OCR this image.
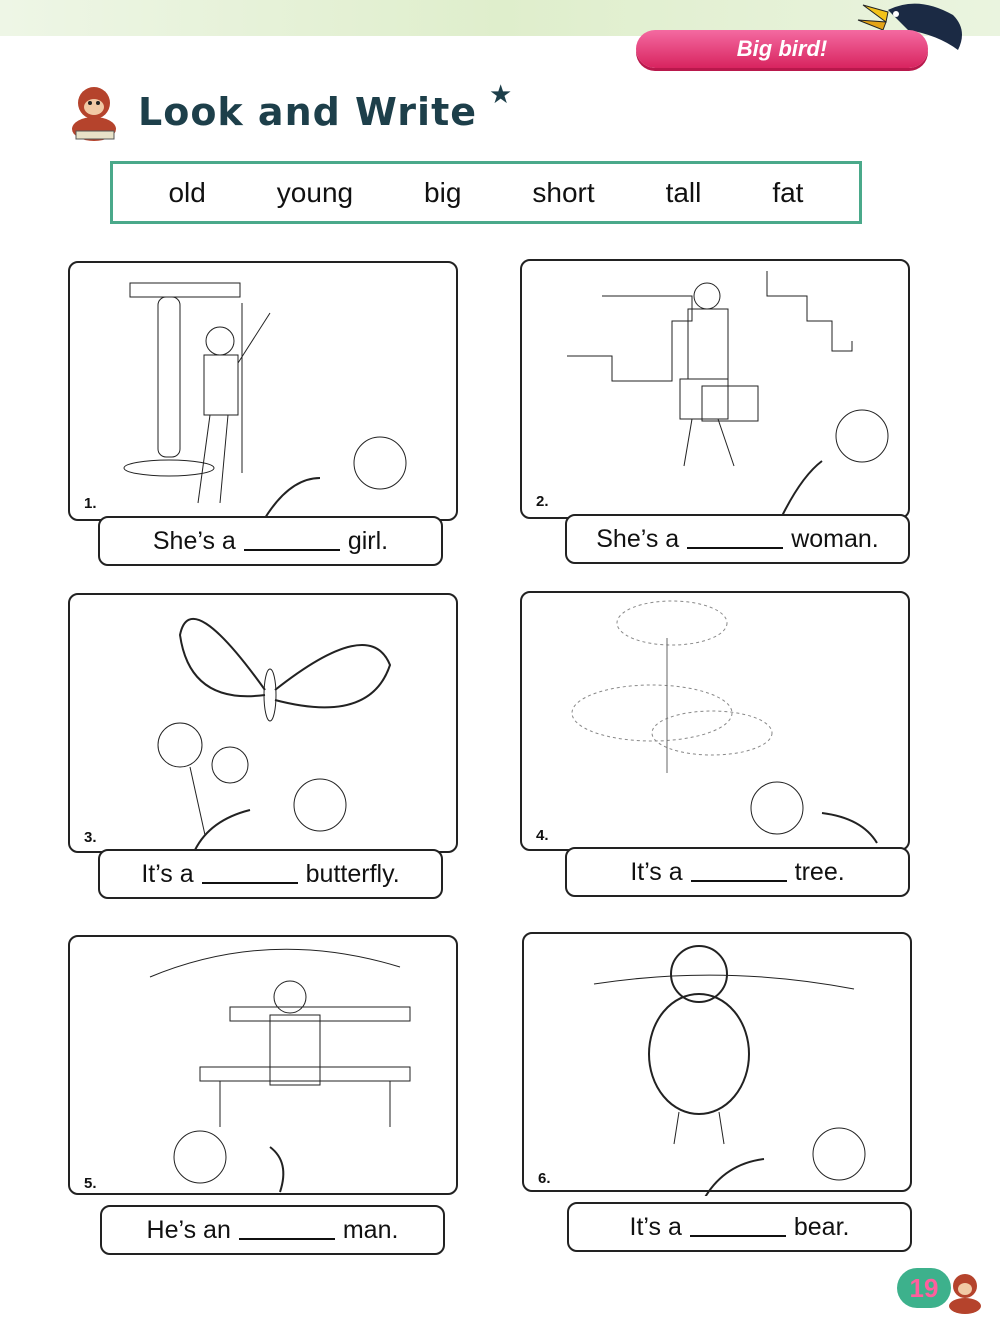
Big bird!
Look and Write ★
old	young	big	short	tall	fat
1.
She’s a	girl.
2.
She’s a	woman.
3.
It’s a	butterfly.
4.
It’s a	tree.
5.
He’s an	man.
6.
It’s a	bear.
19
